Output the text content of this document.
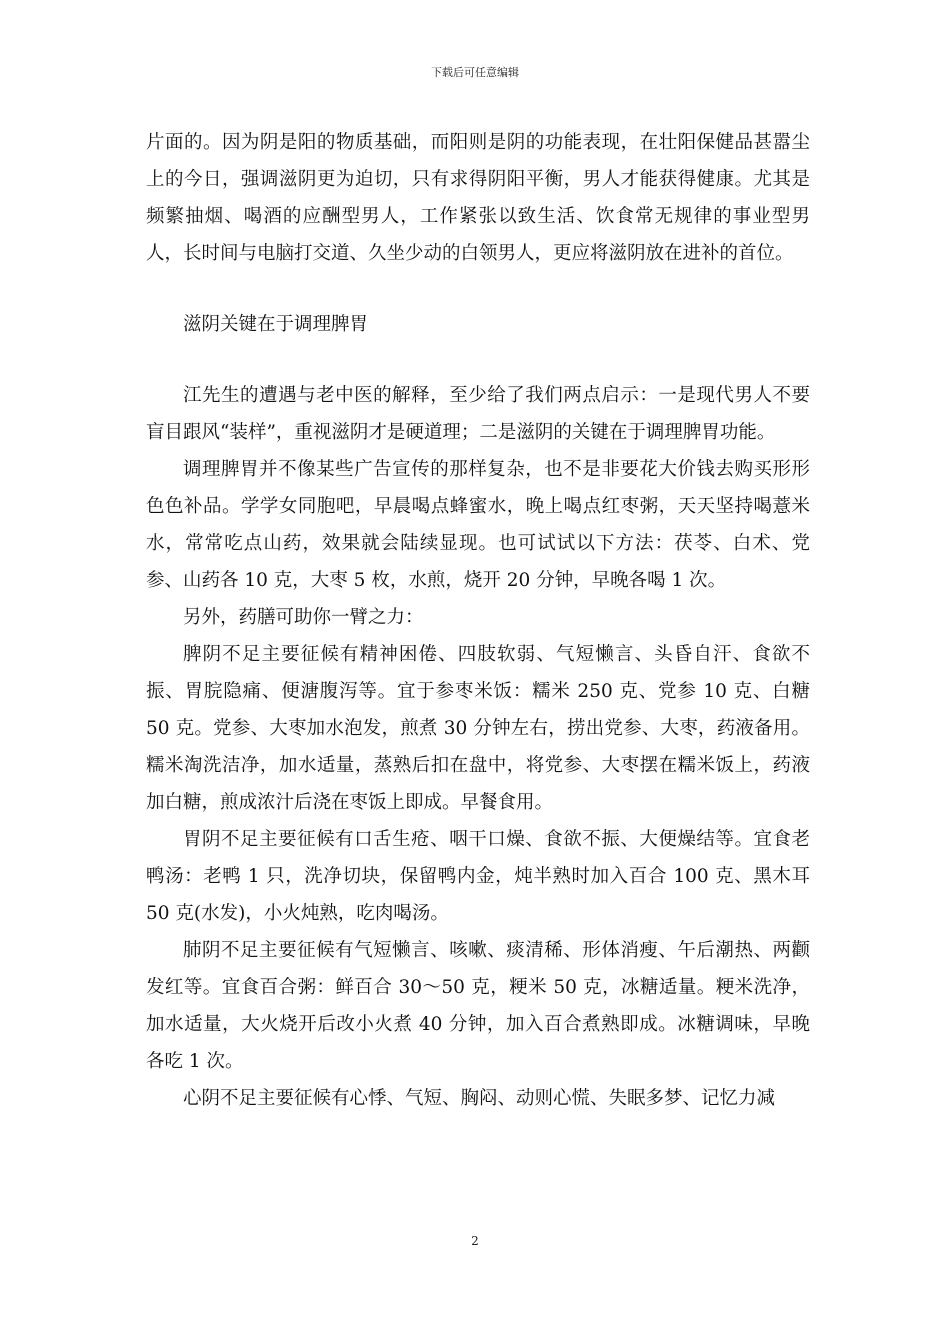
下载后可任意编辑

片面的。因为阴是阳的物质基础，而阳则是阴的功能表现，在壮阳保健品甚嚣尘上的今日，强调滋阴更为迫切，只有求得阴阳平衡，男人才能获得健康。尤其是频繁抽烟、喝酒的应酬型男人，工作紧张以致生活、饮食常无规律的事业型男人，长时间与电脑打交道、久坐少动的白领男人，更应将滋阴放在进补的首位。

滋阴关键在于调理脾胃

江先生的遭遇与老中医的解释，至少给了我们两点启示：一是现代男人不要盲目跟风“装样”，重视滋阴才是硬道理；二是滋阴的关键在于调理脾胃功能。

调理脾胃并不像某些广告宣传的那样复杂，也不是非要花大价钱去购买形形色色补品。学学女同胞吧，早晨喝点蜂蜜水，晚上喝点红枣粥，天天坚持喝薏米水，常常吃点山药，效果就会陆续显现。也可试试以下方法：茯苓、白术、党参、山药各 10 克，大枣 5 枚，水煎，烧开 20 分钟，早晚各喝 1 次。

另外，药膳可助你一臂之力：

脾阴不足主要征候有精神困倦、四肢软弱、气短懒言、头昏自汗、食欲不振、胃脘隐痛、便溏腹泻等。宜于参枣米饭：糯米 250 克、党参 10 克、白糖 50 克。党参、大枣加水泡发，煎煮 30 分钟左右，捞出党参、大枣，药液备用。糯米淘洗洁净，加水适量，蒸熟后扣在盘中，将党参、大枣摆在糯米饭上，药液加白糖，煎成浓汁后浇在枣饭上即成。早餐食用。

胃阴不足主要征候有口舌生疮、咽干口燥、食欲不振、大便燥结等。宜食老鸭汤：老鸭 1 只，洗净切块，保留鸭内金，炖半熟时加入百合 100 克、黑木耳 50 克(水发)，小火炖熟，吃肉喝汤。

肺阴不足主要征候有气短懒言、咳嗽、痰清稀、形体消瘦、午后潮热、两颧发红等。宜食百合粥：鲜百合 30～50 克，粳米 50 克，冰糖适量。粳米洗净，加水适量，大火烧开后改小火煮 40 分钟，加入百合煮熟即成。冰糖调味，早晚各吃 1 次。

心阴不足主要征候有心悸、气短、胸闷、动则心慌、失眠多梦、记忆力减

2
